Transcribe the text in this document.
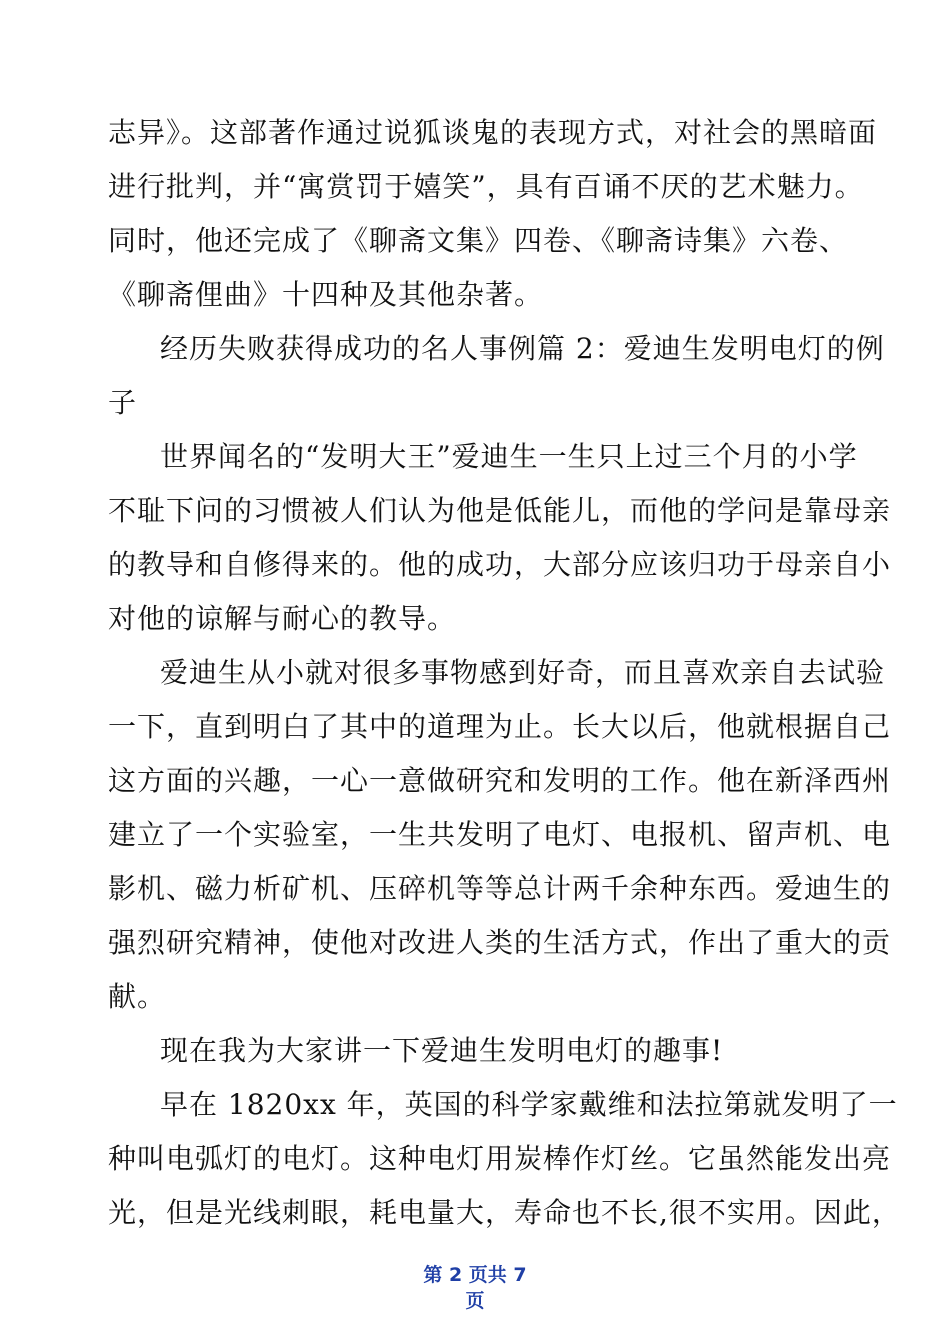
志异》。这部著作通过说狐谈鬼的表现方式，对社会的黑暗面
进行批判，并“寓赏罚于嬉笑”，具有百诵不厌的艺术魅力。
同时，他还完成了《聊斋文集》四卷、《聊斋诗集》六卷、
《聊斋俚曲》十四种及其他杂著。
经历失败获得成功的名人事例篇 2：爱迪生发明电灯的例
子
世界闻名的“发明大王”爱迪生一生只上过三个月的小学
不耻下问的习惯被人们认为他是低能儿，而他的学问是靠母亲
的教导和自修得来的。他的成功，大部分应该归功于母亲自小
对他的谅解与耐心的教导。
爱迪生从小就对很多事物感到好奇，而且喜欢亲自去试验
一下，直到明白了其中的道理为止。长大以后，他就根据自己
这方面的兴趣，一心一意做研究和发明的工作。他在新泽西州
建立了一个实验室，一生共发明了电灯、电报机、留声机、电
影机、磁力析矿机、压碎机等等总计两千余种东西。爱迪生的
强烈研究精神，使他对改进人类的生活方式，作出了重大的贡
献。
现在我为大家讲一下爱迪生发明电灯的趣事!
早在 1820xx 年，英国的科学家戴维和法拉第就发明了一
种叫电弧灯的电灯。这种电灯用炭棒作灯丝。它虽然能发出亮
光，但是光线刺眼，耗电量大，寿命也不长,很不实用。因此，
第 2 页共 7
页
